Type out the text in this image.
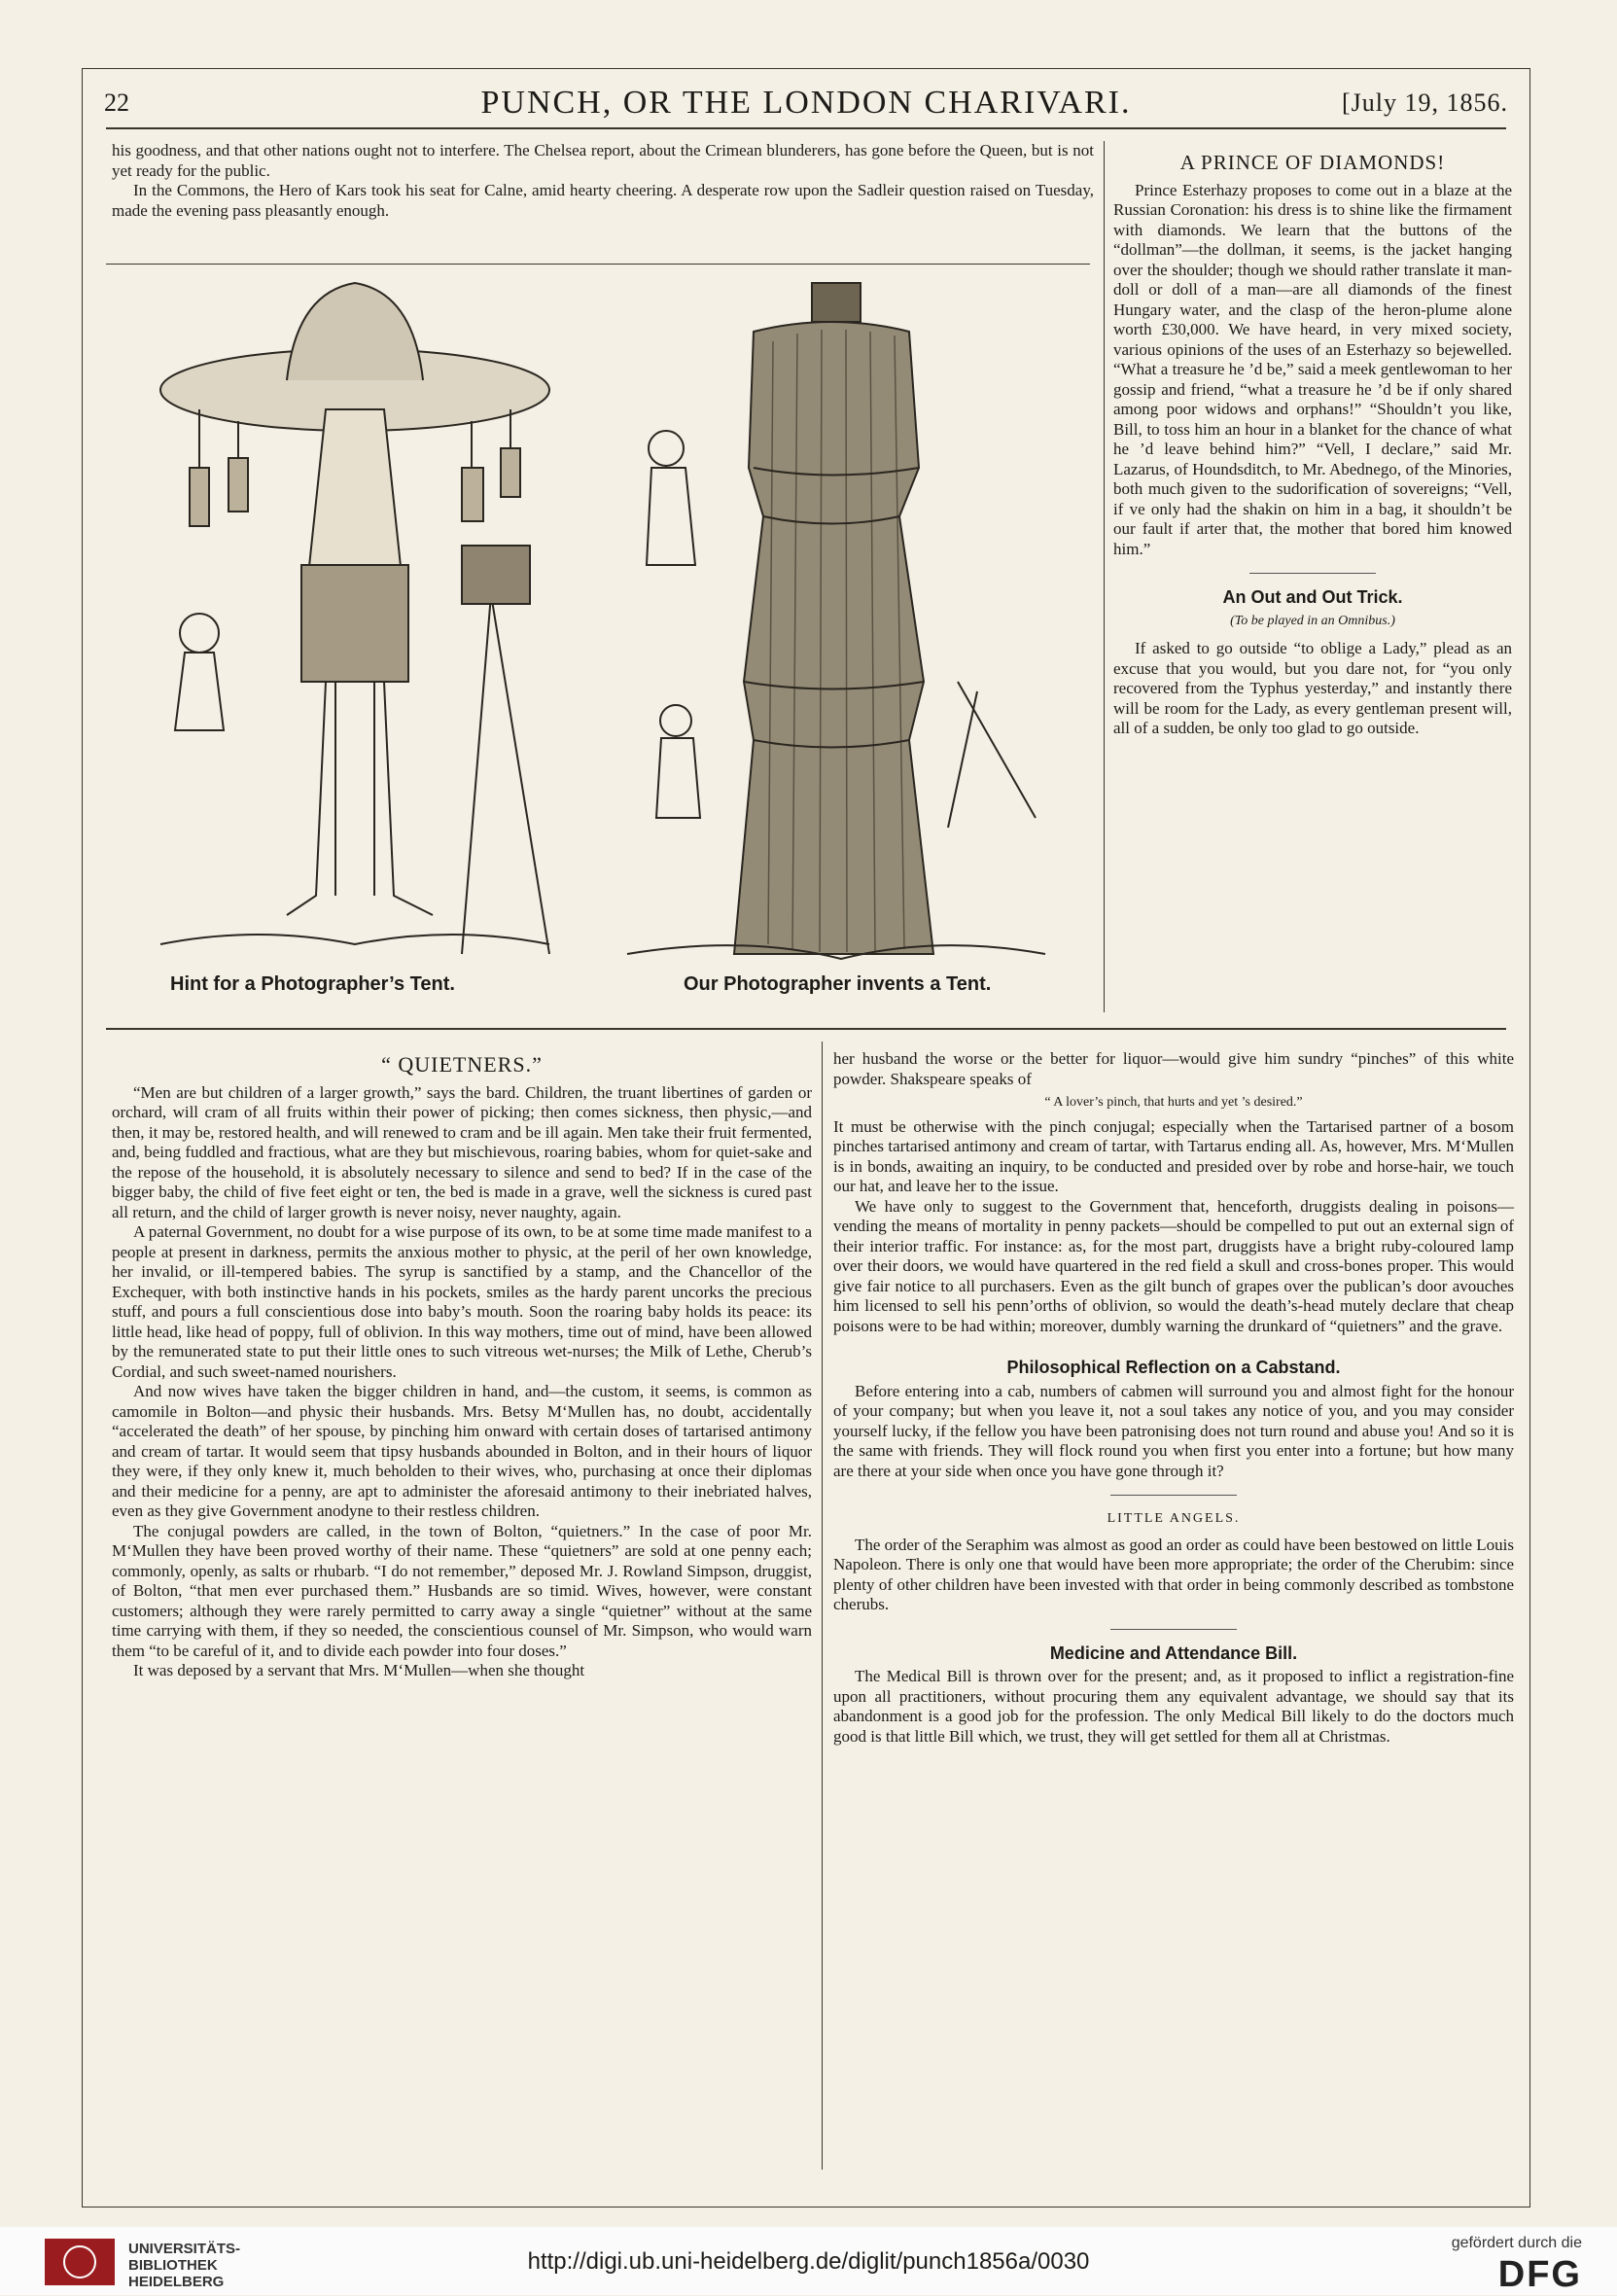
22	PUNCH, OR THE LONDON CHARIVARI.	[July 19, 1856.

his goodness, and that other nations ought not to interfere. The Chelsea report, about the Crimean blunderers, has gone before the Queen, but is not yet ready for the public.

In the Commons, the Hero of Kars took his seat for Calne, amid hearty cheering. A desperate row upon the Sadleir question raised on Tuesday, made the evening pass pleasantly enough.

Hint for a Photographer’s Tent.	Our Photographer invents a Tent.
A PRINCE OF DIAMONDS!

Prince Esterhazy proposes to come out in a blaze at the Russian Coronation: his dress is to shine like the firmament with diamonds. We learn that the buttons of the “dollman”—the dollman, it seems, is the jacket hanging over the shoulder; though we should rather translate it man-doll or doll of a man—are all diamonds of the finest Hungary water, and the clasp of the heron-plume alone worth £30,000. We have heard, in very mixed society, various opinions of the uses of an Esterhazy so bejewelled. “What a treasure he ’d be,” said a meek gentlewoman to her gossip and friend, “what a treasure he ’d be if only shared among poor widows and orphans!” “Shouldn’t you like, Bill, to toss him an hour in a blanket for the chance of what he ’d leave behind him?” “Vell, I declare,” said Mr. Lazarus, of Houndsditch, to Mr. Abednego, of the Minories, both much given to the sudorification of sovereigns; “Vell, if ve only had the shakin on him in a bag, it shouldn’t be our fault if arter that, the mother that bored him knowed him.”

An Out and Out Trick.
(To be played in an Omnibus.)

If asked to go outside “to oblige a Lady,” plead as an excuse that you would, but you dare not, for “you only recovered from the Typhus yesterday,” and instantly there will be room for the Lady, as every gentleman present will, all of a sudden, be only too glad to go outside.

“ QUIETNERS.”

“Men are but children of a larger growth,” says the bard. Children, the truant libertines of garden or orchard, will cram of all fruits within their power of picking; then comes sickness, then physic,—and then, it may be, restored health, and will renewed to cram and be ill again. Men take their fruit fermented, and, being fuddled and fractious, what are they but mischievous, roaring babies, whom for quiet-sake and the repose of the household, it is absolutely necessary to silence and send to bed? If in the case of the bigger baby, the child of five feet eight or ten, the bed is made in a grave, well the sickness is cured past all return, and the child of larger growth is never noisy, never naughty, again.

A paternal Government, no doubt for a wise purpose of its own, to be at some time made manifest to a people at present in darkness, permits the anxious mother to physic, at the peril of her own knowledge, her invalid, or ill-tempered babies. The syrup is sanctified by a stamp, and the Chancellor of the Exchequer, with both instinctive hands in his pockets, smiles as the hardy parent uncorks the precious stuff, and pours a full conscientious dose into baby’s mouth. Soon the roaring baby holds its peace: its little head, like head of poppy, full of oblivion. In this way mothers, time out of mind, have been allowed by the remunerated state to put their little ones to such vitreous wet-nurses; the Milk of Lethe, Cherub’s Cordial, and such sweet-named nourishers.

And now wives have taken the bigger children in hand, and—the custom, it seems, is common as camomile in Bolton—and physic their husbands. Mrs. Betsy M‘Mullen has, no doubt, accidentally “accelerated the death” of her spouse, by pinching him onward with certain doses of tartarised antimony and cream of tartar. It would seem that tipsy husbands abounded in Bolton, and in their hours of liquor they were, if they only knew it, much beholden to their wives, who, purchasing at once their diplomas and their medicine for a penny, are apt to administer the aforesaid antimony to their inebriated halves, even as they give Government anodyne to their restless children.

The conjugal powders are called, in the town of Bolton, “quietners.” In the case of poor Mr. M‘Mullen they have been proved worthy of their name. These “quietners” are sold at one penny each; commonly, openly, as salts or rhubarb. “I do not remember,” deposed Mr. J. Rowland Simpson, druggist, of Bolton, “that men ever purchased them.” Husbands are so timid. Wives, however, were constant customers; although they were rarely permitted to carry away a single “quietner” without at the same time carrying with them, if they so needed, the conscientious counsel of Mr. Simpson, who would warn them “to be careful of it, and to divide each powder into four doses.”

It was deposed by a servant that Mrs. M‘Mullen—when she thought

her husband the worse or the better for liquor—would give him sundry “pinches” of this white powder. Shakspeare speaks of

“ A lover’s pinch, that hurts and yet ’s desired.”

It must be otherwise with the pinch conjugal; especially when the Tartarised partner of a bosom pinches tartarised antimony and cream of tartar, with Tartarus ending all. As, however, Mrs. M‘Mullen is in bonds, awaiting an inquiry, to be conducted and presided over by robe and horse-hair, we touch our hat, and leave her to the issue.

We have only to suggest to the Government that, henceforth, druggists dealing in poisons—vending the means of mortality in penny packets—should be compelled to put out an external sign of their interior traffic. For instance: as, for the most part, druggists have a bright ruby-coloured lamp over their doors, we would have quartered in the red field a skull and cross-bones proper. This would give fair notice to all purchasers. Even as the gilt bunch of grapes over the publican’s door avouches him licensed to sell his penn’orths of oblivion, so would the death’s-head mutely declare that cheap poisons were to be had within; moreover, dumbly warning the drunkard of “quietners” and the grave.

Philosophical Reflection on a Cabstand.

Before entering into a cab, numbers of cabmen will surround you and almost fight for the honour of your company; but when you leave it, not a soul takes any notice of you, and you may consider yourself lucky, if the fellow you have been patronising does not turn round and abuse you! And so it is the same with friends. They will flock round you when first you enter into a fortune; but how many are there at your side when once you have gone through it?

LITTLE ANGELS.

The order of the Seraphim was almost as good an order as could have been bestowed on little Louis Napoleon. There is only one that would have been more appropriate; the order of the Cherubim: since plenty of other children have been invested with that order in being commonly described as tombstone cherubs.

Medicine and Attendance Bill.

The Medical Bill is thrown over for the present; and, as it proposed to inflict a registration-fine upon all practitioners, without procuring them any equivalent advantage, we should say that its abandonment is a good job for the profession. The only Medical Bill likely to do the doctors much good is that little Bill which, we trust, they will get settled for them all at Christmas.

UNIVERSITÄTS-
BIBLIOTHEK
HEIDELBERG
http://digi.ub.uni-heidelberg.de/diglit/punch1856a/0030
gefördert durch die
DFG
